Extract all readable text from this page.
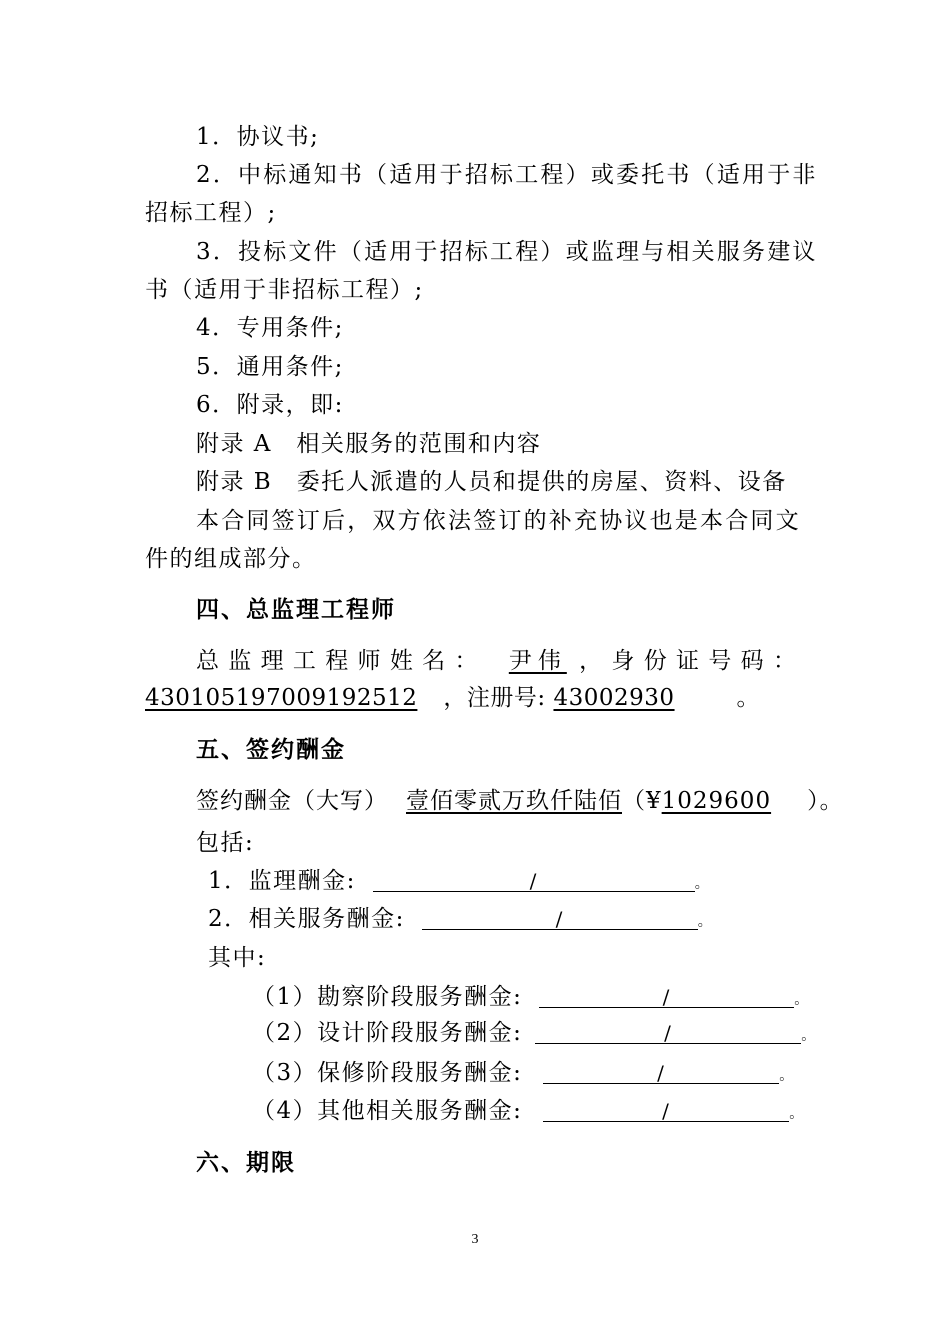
1．协议书;
2．中标通知书（适用于招标工程）或委托书（适用于非
招标工程）;
3．投标文件（适用于招标工程）或监理与相关服务建议
书（适用于非招标工程）;
4．专用条件;
5．通用条件;
6．附录，即:
附录 A　相关服务的范围和内容
附录 B　委托人派遣的人员和提供的房屋、资料、设备
本合同签订后，双方依法签订的补充协议也是本合同文
件的组成部分。
四、总监理工程师
总 监 理 工 程 师 姓 名 ： 尹伟 ， 身 份 证 号 码 ：
430105197009192512 ，注册号: 43002930	。
五、签约酬金
签约酬金（大写） 壹佰零贰万玖仟陆佰（¥1029600 ）。
包括:
1．监理酬金:	/	。
2．相关服务酬金:	/	。
其中:
（1）勘察阶段服务酬金:	/	。
（2）设计阶段服务酬金:	/	。
（3）保修阶段服务酬金:	/	。
（4）其他相关服务酬金:	/	。
六、期限
3
